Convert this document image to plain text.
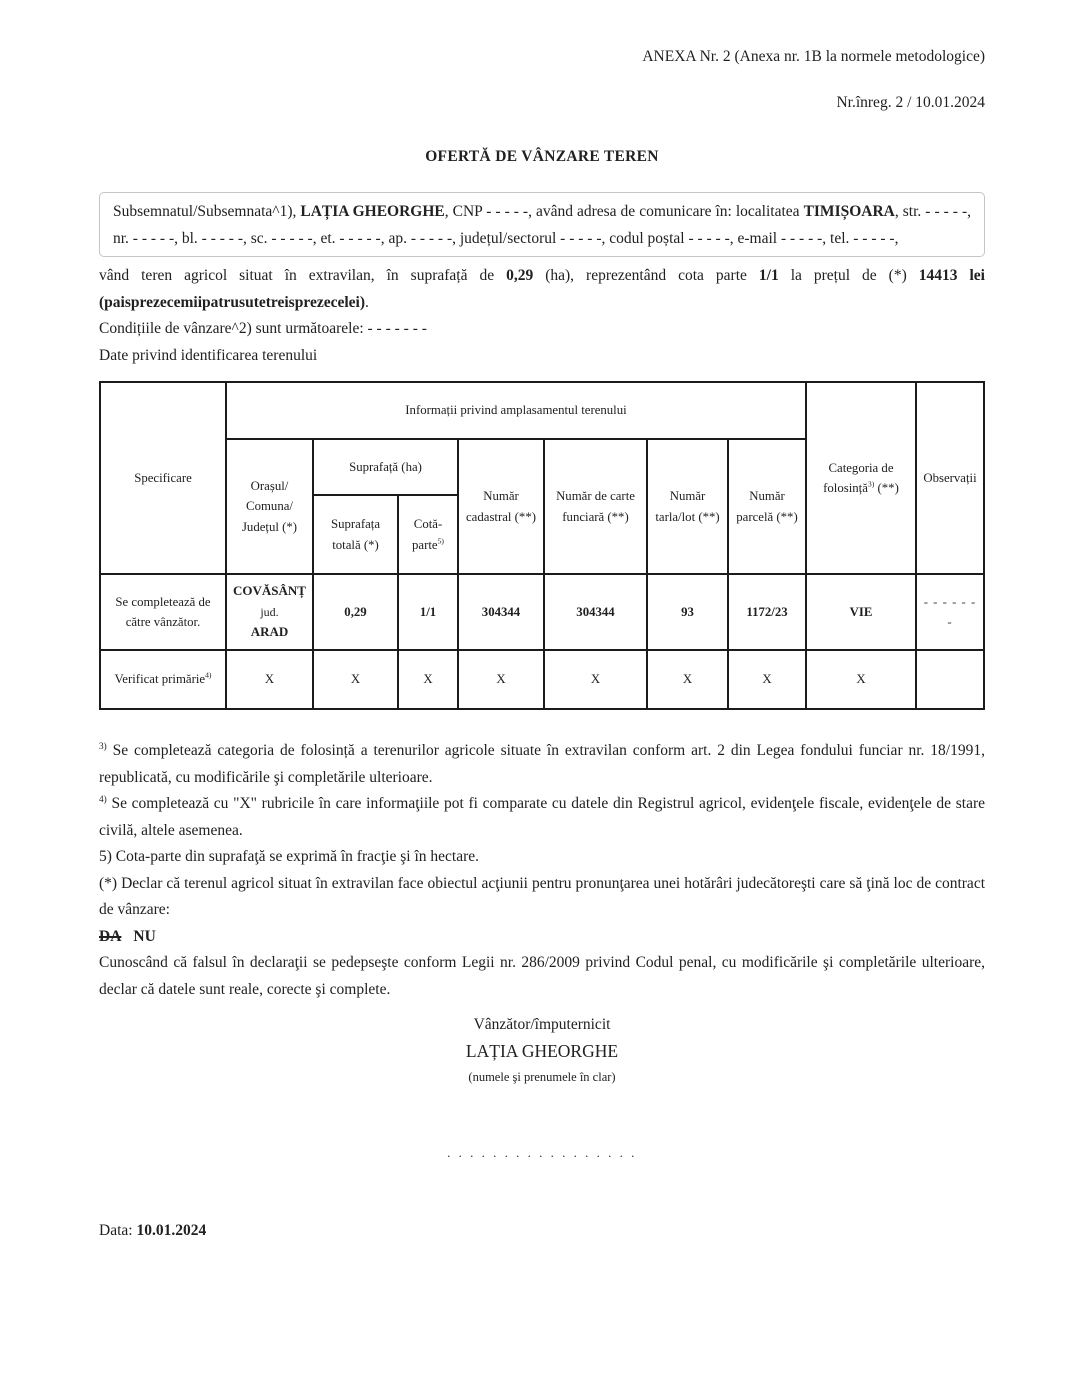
ANEXA Nr. 2 (Anexa nr. 1B la normele metodologice)
Nr.înreg. 2 / 10.01.2024
OFERTĂ DE VÂNZARE TEREN
Subsemnatul/Subsemnata^1), LAȚIA GHEORGHE, CNP - - - - -, având adresa de comunicare în: localitatea TIMIȘOARA, str. - - - - -, nr. - - - - -, bl. - - - - -, sc. - - - - -, et. - - - - -, ap. - - - - -, județul/sectorul - - - - -, codul poștal - - - - -, e-mail - - - - -, tel. - - - - -,

vând teren agricol situat în extravilan, în suprafață de 0,29 (ha), reprezentând cota parte 1/1 la prețul de (*) 14413 lei (paisprezecemiipatrusutetreisprezecelei).

Condițiile de vânzare^2) sunt următoarele: - - - - - - -

Date privind identificarea terenului

Specificare	Informații privind amplasamentul terenului							Categoria de folosință$^{3)}$ (**)	Observații
	Orașul/
Comuna/
Județul (*)	Suprafață (ha)		Număr cadastral (**)	Număr de carte funciară (**)	Număr tarla/lot (**)	Număr parcelă (**)		
		Suprafața totală (*)	Cotă-
parte$^{5)}$
Se completează de către vânzător.	COVĂSÂNȚ
jud.
ARAD	0,29	1/1	304344	304344	93	1172/23	VIE	- - - - - - -
Verificat primărie$^{4)}$	X	X	X	X	X	X	X	X	

$^{3)}$ Se completează categoria de folosință a terenurilor agricole situate în extravilan conform art. 2 din Legea fondului funciar nr. 18/1991, republicată, cu modificările şi completările ulterioare.

$^{4)}$ Se completează cu "X" rubricile în care informaţiile pot fi comparate cu datele din Registrul agricol, evidenţele fiscale, evidenţele de stare civilă, altele asemenea.

5) Cota-parte din suprafaţă se exprimă în fracţie şi în hectare.

(*) Declar că terenul agricol situat în extravilan face obiectul acţiunii pentru pronunţarea unei hotărâri judecătoreşti care să ţină loc de contract de vânzare:

DA NU

Cunoscând că falsul în declaraţii se pedepseşte conform Legii nr. 286/2009 privind Codul penal, cu modificările şi completările ulterioare, declar că datele sunt reale, corecte şi complete.

Vânzător/împuternicit
LAȚIA GHEORGHE
(numele şi prenumele în clar)
. . . . . . . . . . . . . . . . .
Data: 10.01.2024
